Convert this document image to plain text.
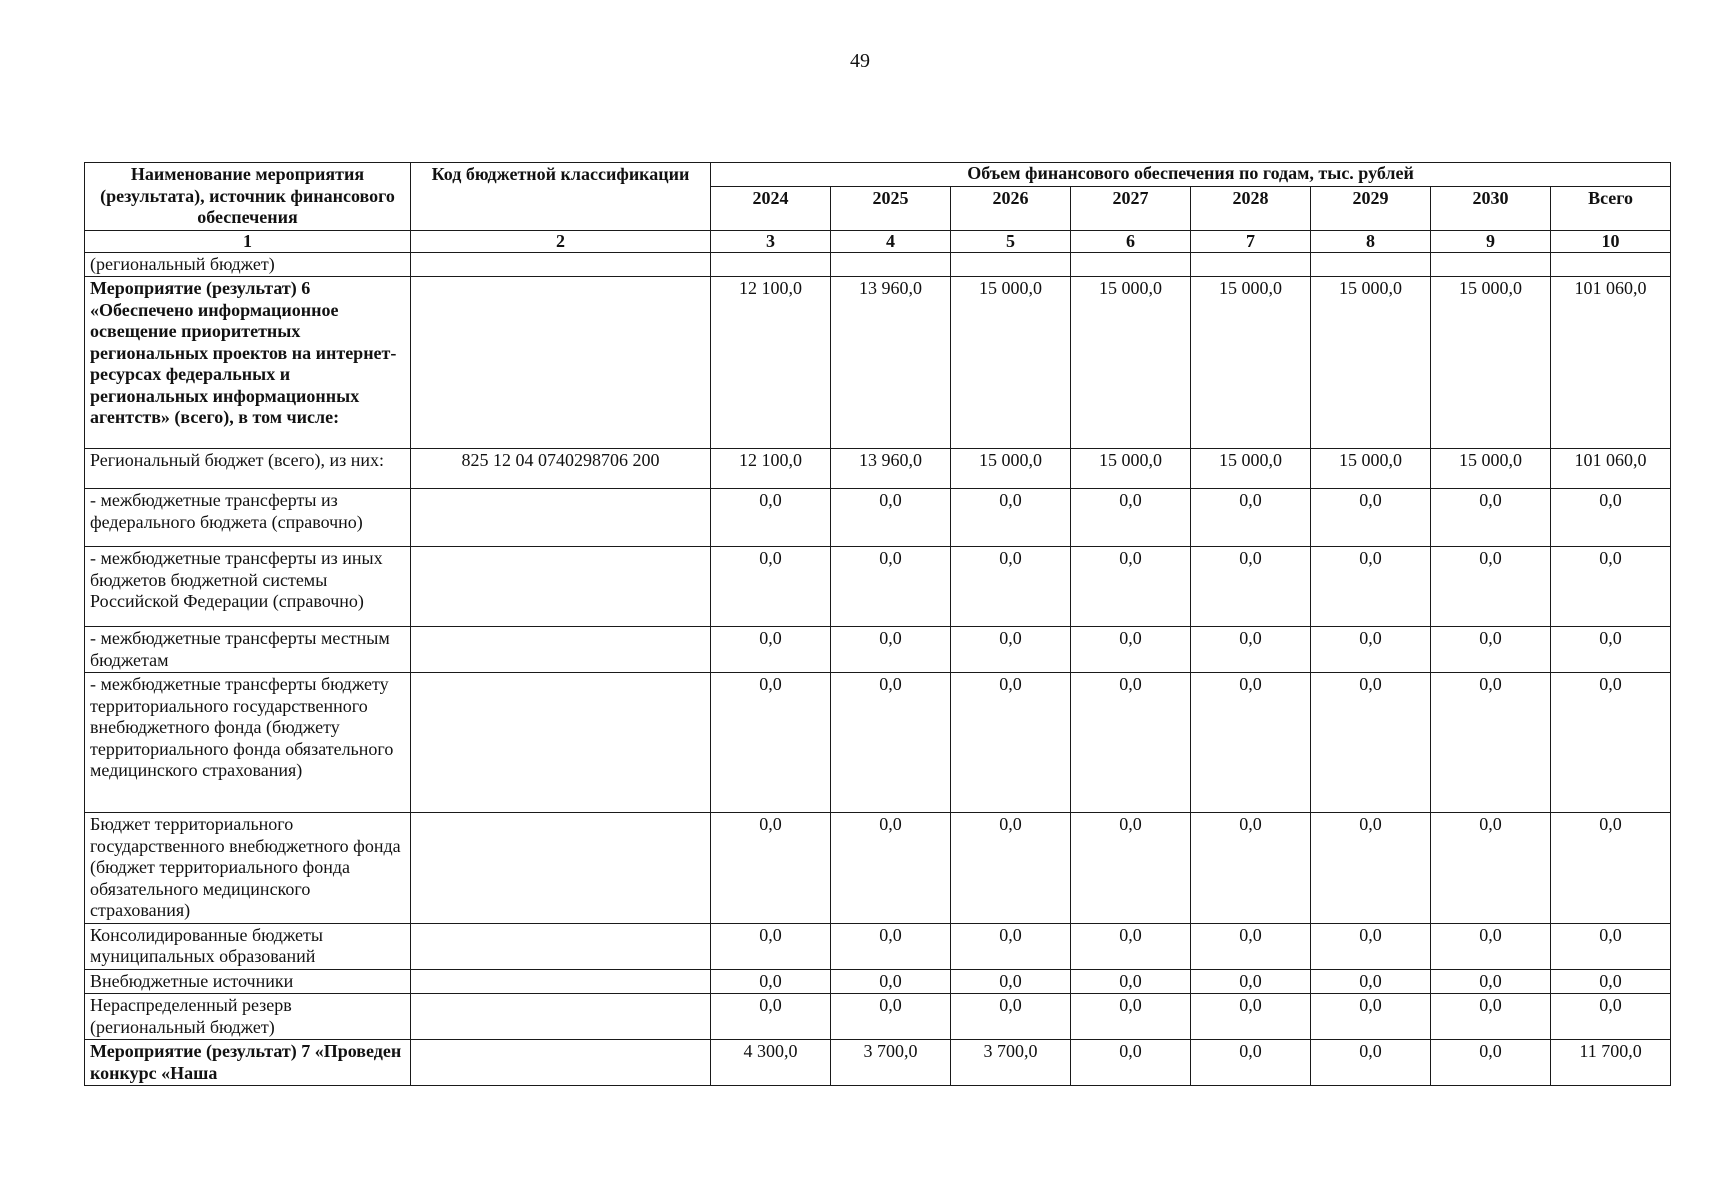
49
Наименование мероприятия (результата), источник финансового обеспечения	Код бюджетной классификации	Объем финансового обеспечения по годам, тыс. рублей							
		2024	2025	2026	2027	2028	2029	2030	Всего
1	2	3	4	5	6	7	8	9	10
(региональный бюджет)									
Мероприятие (результат) 6 «Обеспечено информационное освещение приоритетных региональных проектов на интернет-ресурсах федеральных и региональных информационных агентств» (всего), в том числе:		12 100,0	13 960,0	15 000,0	15 000,0	15 000,0	15 000,0	15 000,0	101 060,0
Региональный бюджет (всего), из них:	825 12 04 0740298706 200	12 100,0	13 960,0	15 000,0	15 000,0	15 000,0	15 000,0	15 000,0	101 060,0
- межбюджетные трансферты из федерального бюджета (справочно)		0,0	0,0	0,0	0,0	0,0	0,0	0,0	0,0
- межбюджетные трансферты из иных бюджетов бюджетной системы Российской Федерации (справочно)		0,0	0,0	0,0	0,0	0,0	0,0	0,0	0,0
- межбюджетные трансферты местным бюджетам		0,0	0,0	0,0	0,0	0,0	0,0	0,0	0,0
- межбюджетные трансферты бюджету территориального государственного внебюджетного фонда (бюджету территориального фонда обязательного медицинского страхования)		0,0	0,0	0,0	0,0	0,0	0,0	0,0	0,0
Бюджет территориального государственного внебюджетного фонда (бюджет территориального фонда обязательного медицинского страхования)		0,0	0,0	0,0	0,0	0,0	0,0	0,0	0,0
Консолидированные бюджеты муниципальных образований		0,0	0,0	0,0	0,0	0,0	0,0	0,0	0,0
Внебюджетные источники		0,0	0,0	0,0	0,0	0,0	0,0	0,0	0,0
Нераспределенный резерв (региональный бюджет)		0,0	0,0	0,0	0,0	0,0	0,0	0,0	0,0
Мероприятие (результат) 7 «Проведен конкурс «Наша		4 300,0	3 700,0	3 700,0	0,0	0,0	0,0	0,0	11 700,0
